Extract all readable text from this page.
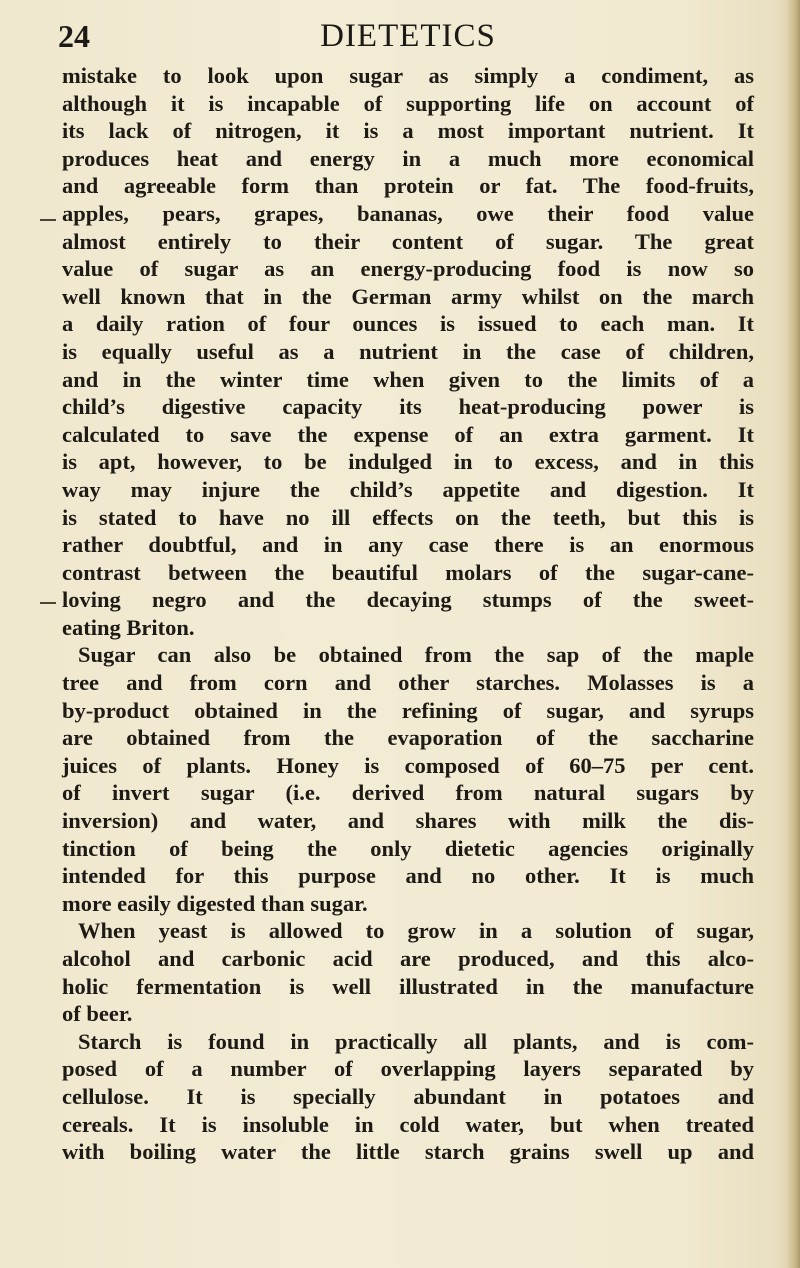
24	DIETETICS
mistake to look upon sugar as simply a condiment, as
although it is incapable of supporting life on account of
its lack of nitrogen, it is a most important nutrient. It
produces heat and energy in a much more economical
and agreeable form than protein or fat. The food-fruits,
apples, pears, grapes, bananas, owe their food value
almost entirely to their content of sugar. The great
value of sugar as an energy-producing food is now so
well known that in the German army whilst on the march
a daily ration of four ounces is issued to each man. It
is equally useful as a nutrient in the case of children,
and in the winter time when given to the limits of a
child’s digestive capacity its heat-producing power is
calculated to save the expense of an extra garment. It
is apt, however, to be indulged in to excess, and in this
way may injure the child’s appetite and digestion. It
is stated to have no ill effects on the teeth, but this is
rather doubtful, and in any case there is an enormous
contrast between the beautiful molars of the sugar-cane-
loving negro and the decaying stumps of the sweet-
eating Briton.
Sugar can also be obtained from the sap of the maple
tree and from corn and other starches. Molasses is a
by-product obtained in the refining of sugar, and syrups
are obtained from the evaporation of the saccharine
juices of plants. Honey is composed of 60–75 per cent.
of invert sugar (i.e. derived from natural sugars by
inversion) and water, and shares with milk the dis-
tinction of being the only dietetic agencies originally
intended for this purpose and no other. It is much
more easily digested than sugar.
When yeast is allowed to grow in a solution of sugar,
alcohol and carbonic acid are produced, and this alco-
holic fermentation is well illustrated in the manufacture
of beer.
Starch is found in practically all plants, and is com-
posed of a number of overlapping layers separated by
cellulose. It is specially abundant in potatoes and
cereals. It is insoluble in cold water, but when treated
with boiling water the little starch grains swell up and
